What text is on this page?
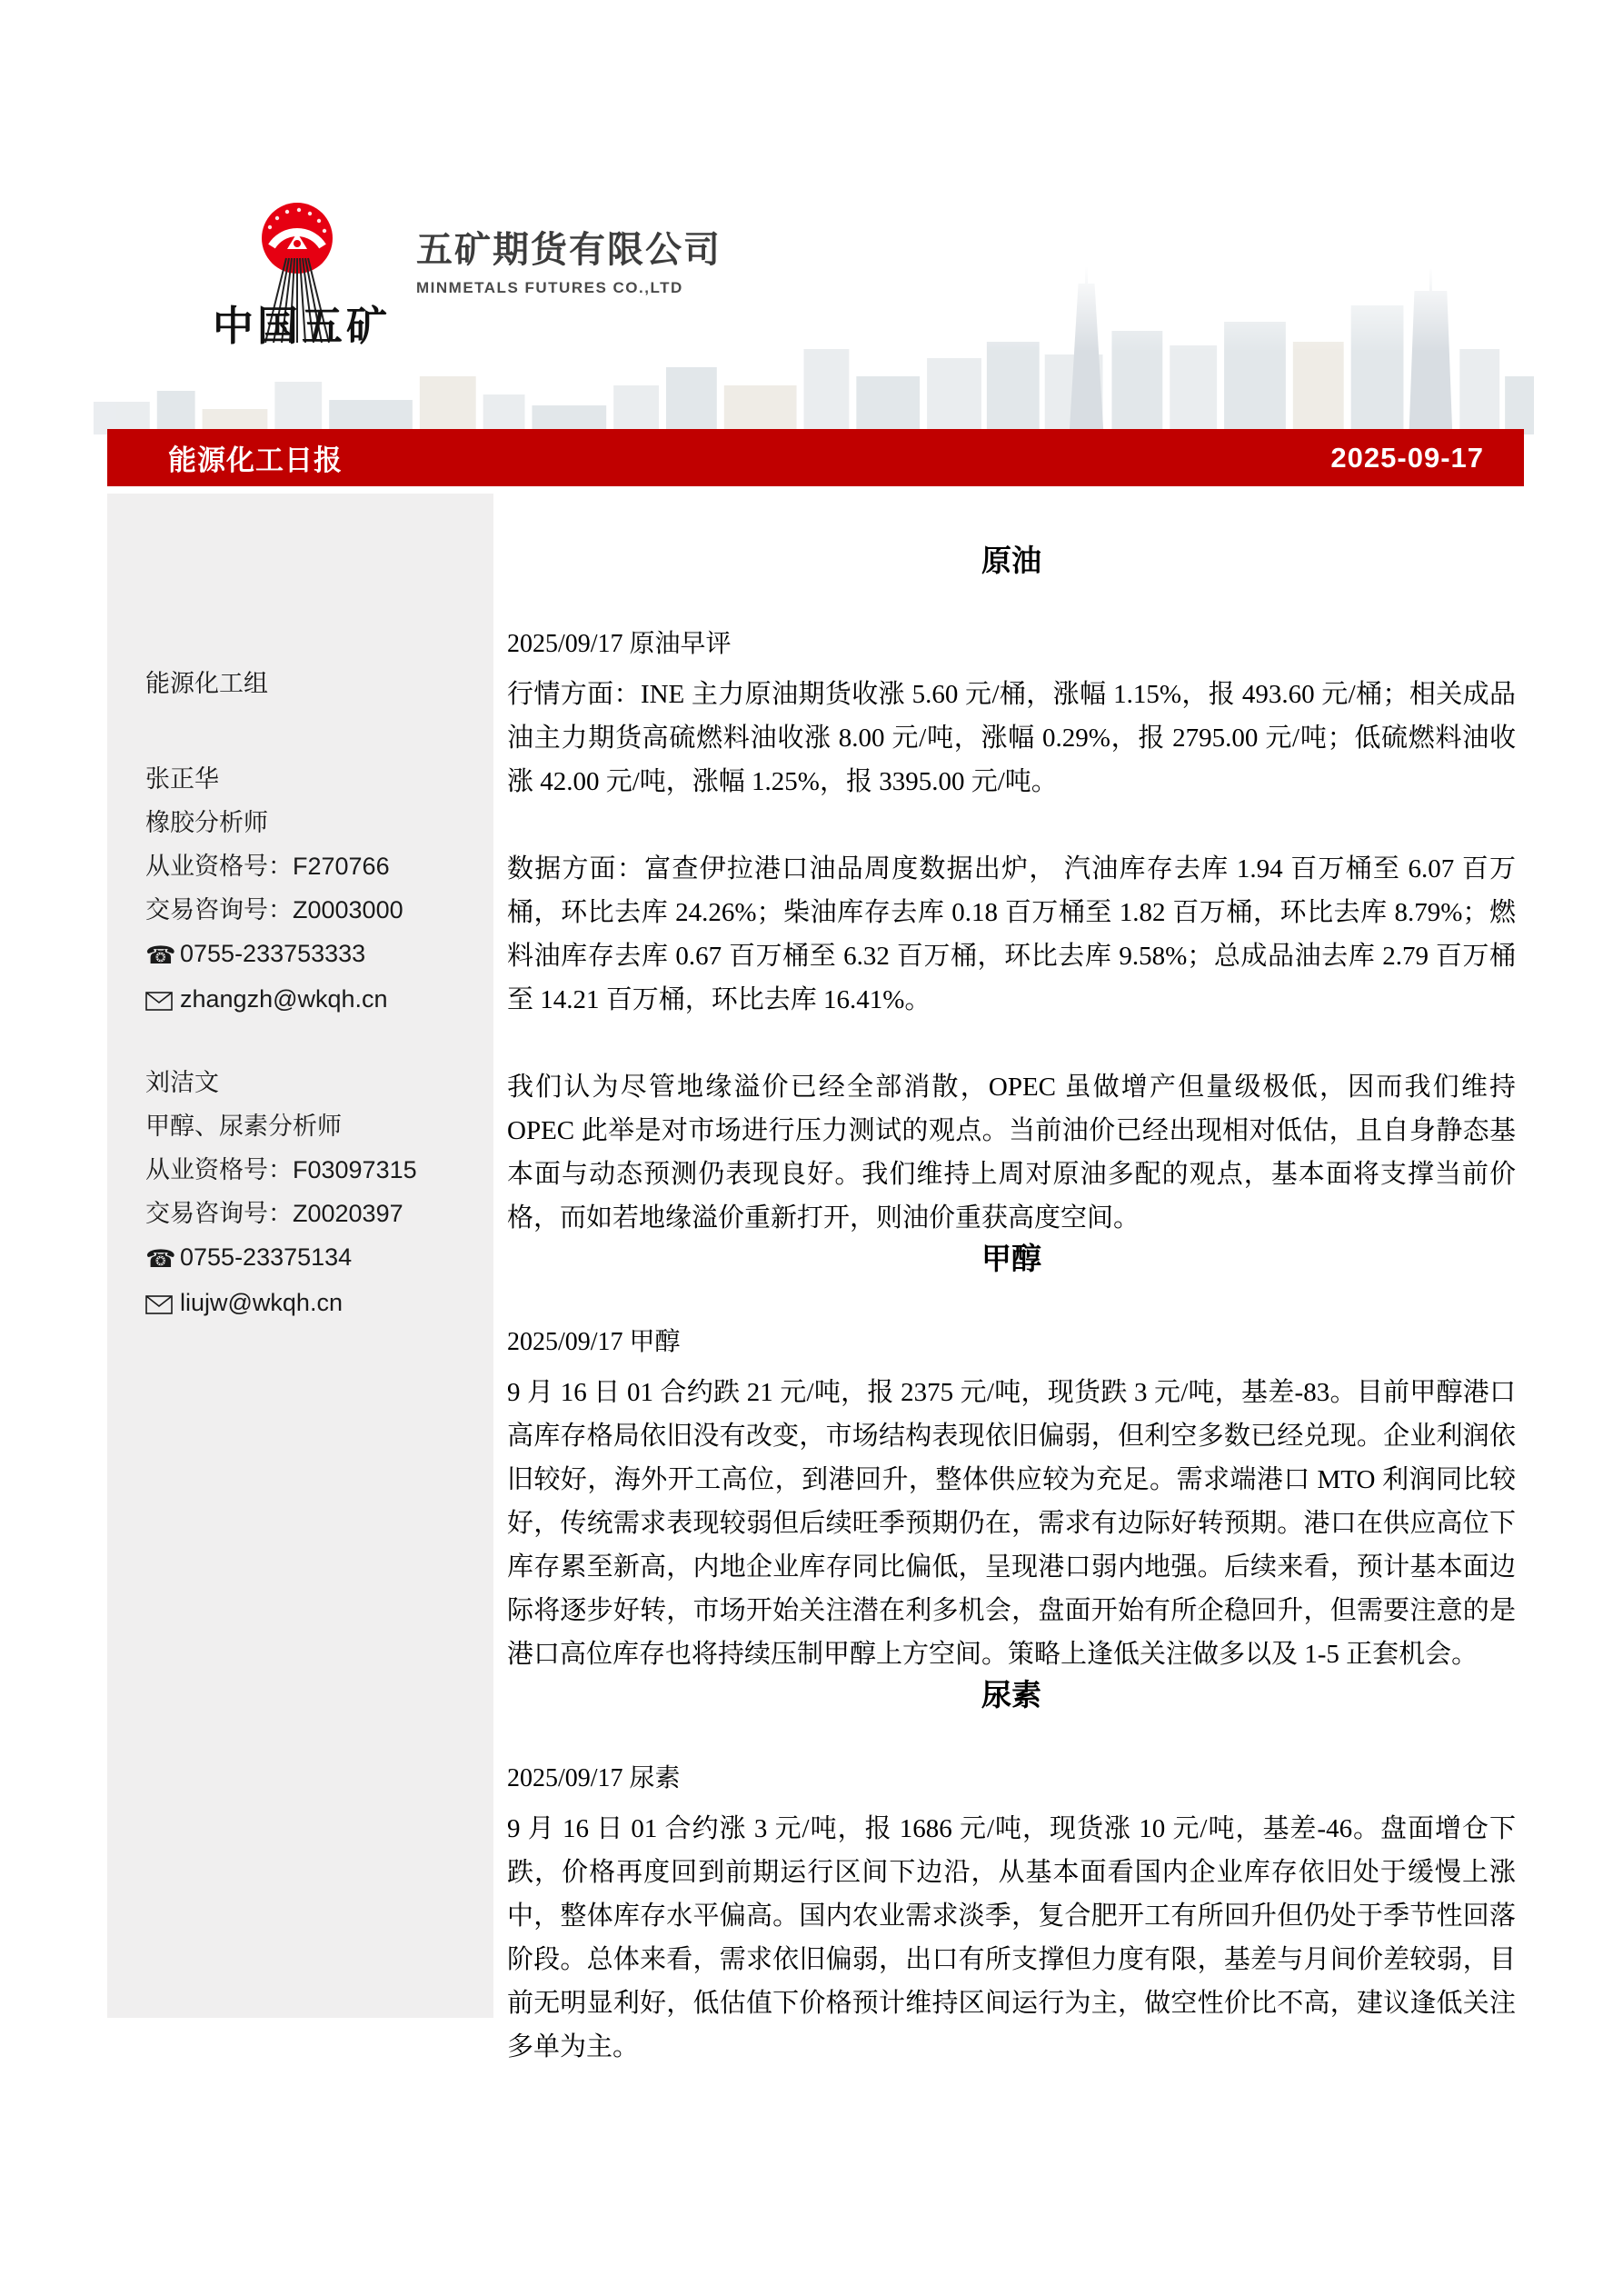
中国五矿
五矿期货有限公司
MINMETALS FUTURES CO.,LTD
能源化工日报	2025-09-17
能源化工组
张正华
橡胶分析师
从业资格号：F270766
交易咨询号：Z0003000
☎ 0755-233753333
zhangzh@wkqh.cn
刘洁文
甲醇、尿素分析师
从业资格号：F03097315
交易咨询号：Z0020397
☎ 0755-23375134
liujw@wkqh.cn
原油
2025/09/17 原油早评

行情方面：INE 主力原油期货收涨 5.60 元/桶，涨幅 1.15%，报 493.60 元/桶；相关成品油主力期货高硫燃料油收涨 8.00 元/吨，涨幅 0.29%，报 2795.00 元/吨；低硫燃料油收涨 42.00 元/吨，涨幅 1.25%，报 3395.00 元/吨。

数据方面：富查伊拉港口油品周度数据出炉， 汽油库存去库 1.94 百万桶至 6.07 百万桶，环比去库 24.26%；柴油库存去库 0.18 百万桶至 1.82 百万桶，环比去库 8.79%；燃料油库存去库 0.67 百万桶至 6.32 百万桶，环比去库 9.58%；总成品油去库 2.79 百万桶至 14.21 百万桶，环比去库 16.41%。

我们认为尽管地缘溢价已经全部消散，OPEC 虽做增产但量级极低，因而我们维持 OPEC 此举是对市场进行压力测试的观点。当前油价已经出现相对低估，且自身静态基本面与动态预测仍表现良好。我们维持上周对原油多配的观点，基本面将支撑当前价格，而如若地缘溢价重新打开，则油价重获高度空间。

甲醇
2025/09/17 甲醇

9 月 16 日 01 合约跌 21 元/吨，报 2375 元/吨，现货跌 3 元/吨，基差-83。目前甲醇港口高库存格局依旧没有改变，市场结构表现依旧偏弱，但利空多数已经兑现。企业利润依旧较好，海外开工高位，到港回升，整体供应较为充足。需求端港口 MTO 利润同比较好，传统需求表现较弱但后续旺季预期仍在，需求有边际好转预期。港口在供应高位下库存累至新高，内地企业库存同比偏低，呈现港口弱内地强。后续来看，预计基本面边际将逐步好转，市场开始关注潜在利多机会，盘面开始有所企稳回升，但需要注意的是港口高位库存也将持续压制甲醇上方空间。策略上逢低关注做多以及 1-5 正套机会。

尿素
2025/09/17 尿素

9 月 16 日 01 合约涨 3 元/吨，报 1686 元/吨，现货涨 10 元/吨，基差-46。盘面增仓下跌，价格再度回到前期运行区间下边沿，从基本面看国内企业库存依旧处于缓慢上涨中，整体库存水平偏高。国内农业需求淡季，复合肥开工有所回升但仍处于季节性回落阶段。总体来看，需求依旧偏弱，出口有所支撑但力度有限，基差与月间价差较弱，目前无明显利好，低估值下价格预计维持区间运行为主，做空性价比不高，建议逢低关注多单为主。
